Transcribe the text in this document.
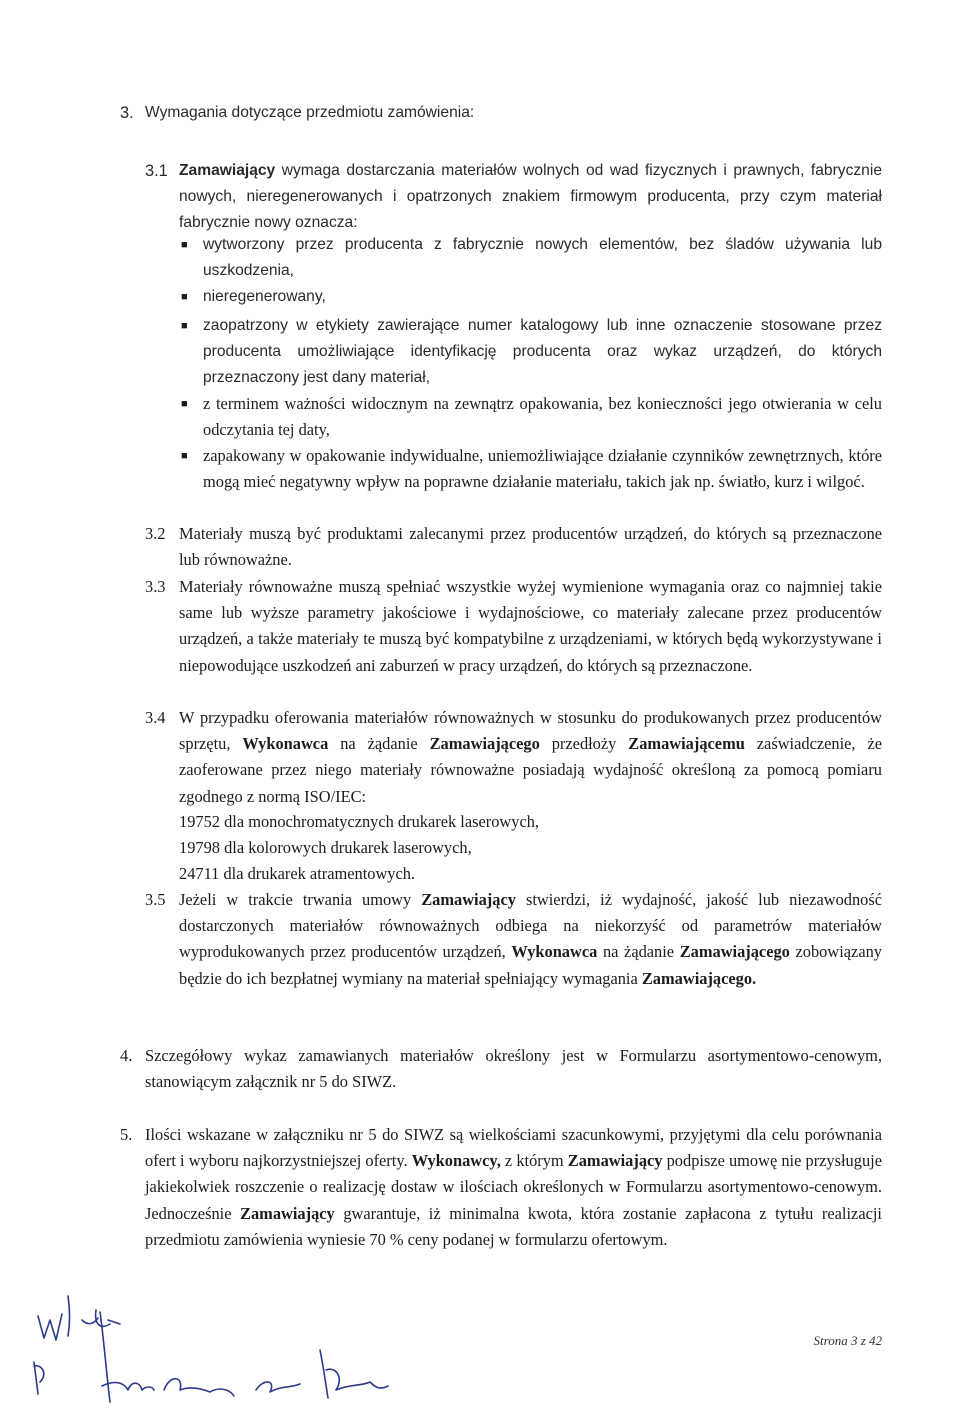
3. Wymagania dotyczące przedmiotu zamówienia:
3.1 Zamawiający wymaga dostarczania materiałów wolnych od wad fizycznych i prawnych, fabrycznie nowych, nieregenerowanych i opatrzonych znakiem firmowym producenta, przy czym materiał fabrycznie nowy oznacza:
■ wytworzony przez producenta z fabrycznie nowych elementów, bez śladów używania lub uszkodzenia,
■ nieregenerowany,
■ zaopatrzony w etykiety zawierające numer katalogowy lub inne oznaczenie stosowane przez producenta umożliwiające identyfikację producenta oraz wykaz urządzeń, do których przeznaczony jest dany materiał,
■ z terminem ważności widocznym na zewnątrz opakowania, bez konieczności jego otwierania w celu odczytania tej daty,
■ zapakowany w opakowanie indywidualne, uniemożliwiające działanie czynników zewnętrznych, które mogą mieć negatywny wpływ na poprawne działanie materiału, takich jak np. światło, kurz i wilgoć.
3.2 Materiały muszą być produktami zalecanymi przez producentów urządzeń, do których są przeznaczone lub równoważne.
3.3 Materiały równoważne muszą spełniać wszystkie wyżej wymienione wymagania oraz co najmniej takie same lub wyższe parametry jakościowe i wydajnościowe, co materiały zalecane przez producentów urządzeń, a także materiały te muszą być kompatybilne z urządzeniami, w których będą wykorzystywane i niepowodujące uszkodzeń ani zaburzeń w pracy urządzeń, do których są przeznaczone.
3.4 W przypadku oferowania materiałów równoważnych w stosunku do produkowanych przez producentów sprzętu, Wykonawca na żądanie Zamawiającego przedłoży Zamawiającemu zaświadczenie, że zaoferowane przez niego materiały równoważne posiadają wydajność określoną za pomocą pomiaru zgodnego z normą ISO/IEC:
19752 dla monochromatycznych drukarek laserowych,
19798 dla kolorowych drukarek laserowych,
24711 dla drukarek atramentowych.
3.5 Jeżeli w trakcie trwania umowy Zamawiający stwierdzi, iż wydajność, jakość lub niezawodność dostarczonych materiałów równoważnych odbiega na niekorzyść od parametrów materiałów wyprodukowanych przez producentów urządzeń, Wykonawca na żądanie Zamawiającego zobowiązany będzie do ich bezpłatnej wymiany na materiał spełniający wymagania Zamawiającego.
4. Szczegółowy wykaz zamawianych materiałów określony jest w Formularzu asortymentowo-cenowym, stanowiącym załącznik nr 5 do SIWZ.
5. Ilości wskazane w załączniku nr 5 do SIWZ są wielkościami szacunkowymi, przyjętymi dla celu porównania ofert i wyboru najkorzystniejszej oferty. Wykonawcy, z którym Zamawiający podpisze umowę nie przysługuje jakiekolwiek roszczenie o realizację dostaw w ilościach określonych w Formularzu asortymentowo-cenowym. Jednocześnie Zamawiający gwarantuje, iż minimalna kwota, która zostanie zapłacona z tytułu realizacji przedmiotu zamówienia wyniesie 70 % ceny podanej w formularzu ofertowym.
Strona 3 z 42
